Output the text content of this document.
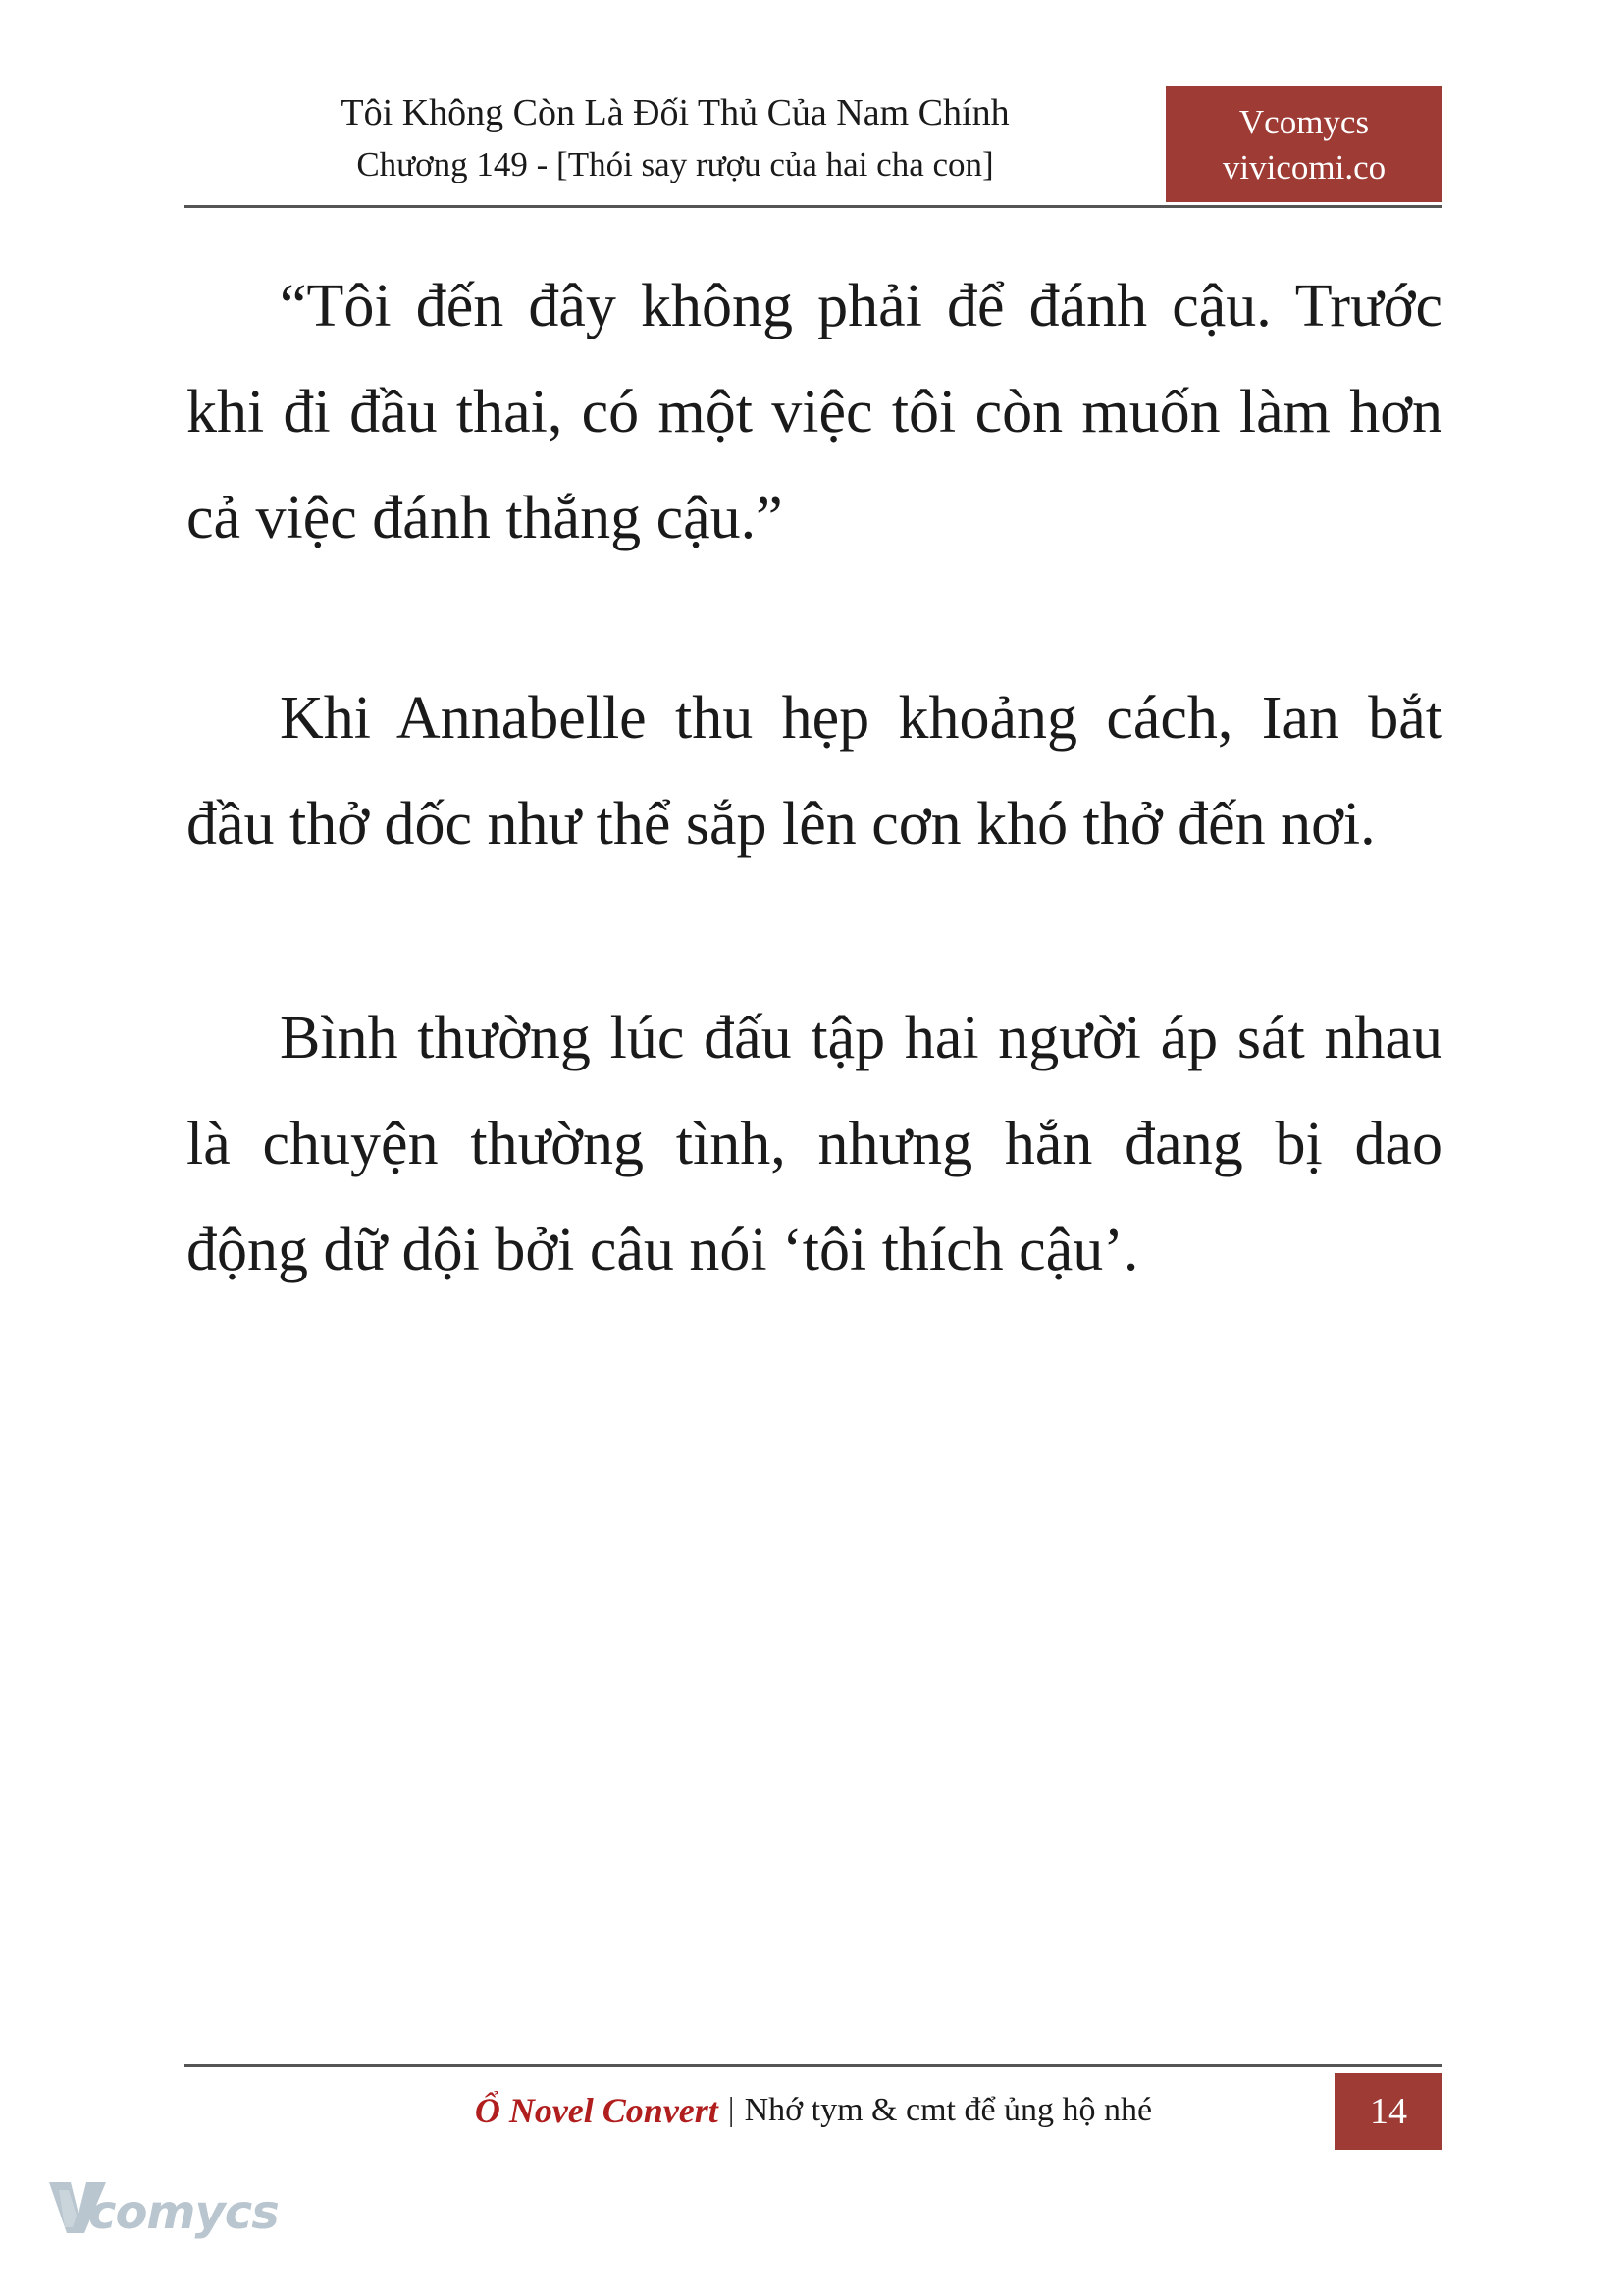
Tôi Không Còn Là Đối Thủ Của Nam Chính
Chương 149 - [Thói say rượu của hai cha con]
Vcomycs
vivicomi.co

“Tôi đến đây không phải để đánh cậu. Trước khi đi đầu thai, có một việc tôi còn muốn làm hơn cả việc đánh thắng cậu.”

Khi Annabelle thu hẹp khoảng cách, Ian bắt đầu thở dốc như thể sắp lên cơn khó thở đến nơi.

Bình thường lúc đấu tập hai người áp sát nhau là chuyện thường tình, nhưng hắn đang bị dao động dữ dội bởi câu nói ‘tôi thích cậu’.

Ổ Novel Convert | Nhớ tym & cmt để ủng hộ nhé	14
comycs
